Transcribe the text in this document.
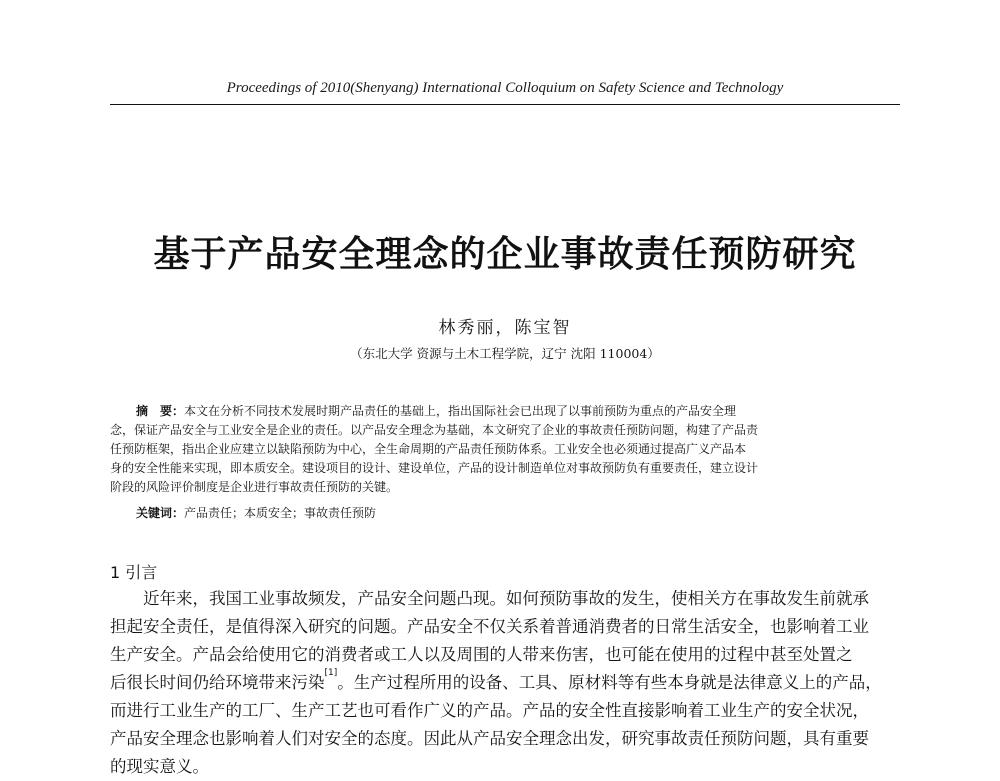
Proceedings of 2010(Shenyang) International Colloquium on Safety Science and Technology
基于产品安全理念的企业事故责任预防研究
林秀丽，陈宝智
（东北大学 资源与土木工程学院，辽宁 沈阳 110004）
摘　要：本文在分析不同技术发展时期产品责任的基础上，指出国际社会已出现了以事前预防为重点的产品安全理
念，保证产品安全与工业安全是企业的责任。以产品安全理念为基础，本文研究了企业的事故责任预防问题，构建了产品责
任预防框架，指出企业应建立以缺陷预防为中心，全生命周期的产品责任预防体系。工业安全也必须通过提高广义产品本
身的安全性能来实现，即本质安全。建设项目的设计、建设单位，产品的设计制造单位对事故预防负有重要责任，建立设计
阶段的风险评价制度是企业进行事故责任预防的关键。
关键词：产品责任；本质安全；事故责任预防
1 引言
近年来，我国工业事故频发，产品安全问题凸现。如何预防事故的发生，使相关方在事故发生前就承
担起安全责任，是值得深入研究的问题。产品安全不仅关系着普通消费者的日常生活安全，也影响着工业
生产安全。产品会给使用它的消费者或工人以及周围的人带来伤害，也可能在使用的过程中甚至处置之
后很长时间仍给环境带来污染[1]。生产过程所用的设备、工具、原材料等有些本身就是法律意义上的产品，
而进行工业生产的工厂、生产工艺也可看作广义的产品。产品的安全性直接影响着工业生产的安全状况，
产品安全理念也影响着人们对安全的态度。因此从产品安全理念出发，研究事故责任预防问题，具有重要
的现实意义。
